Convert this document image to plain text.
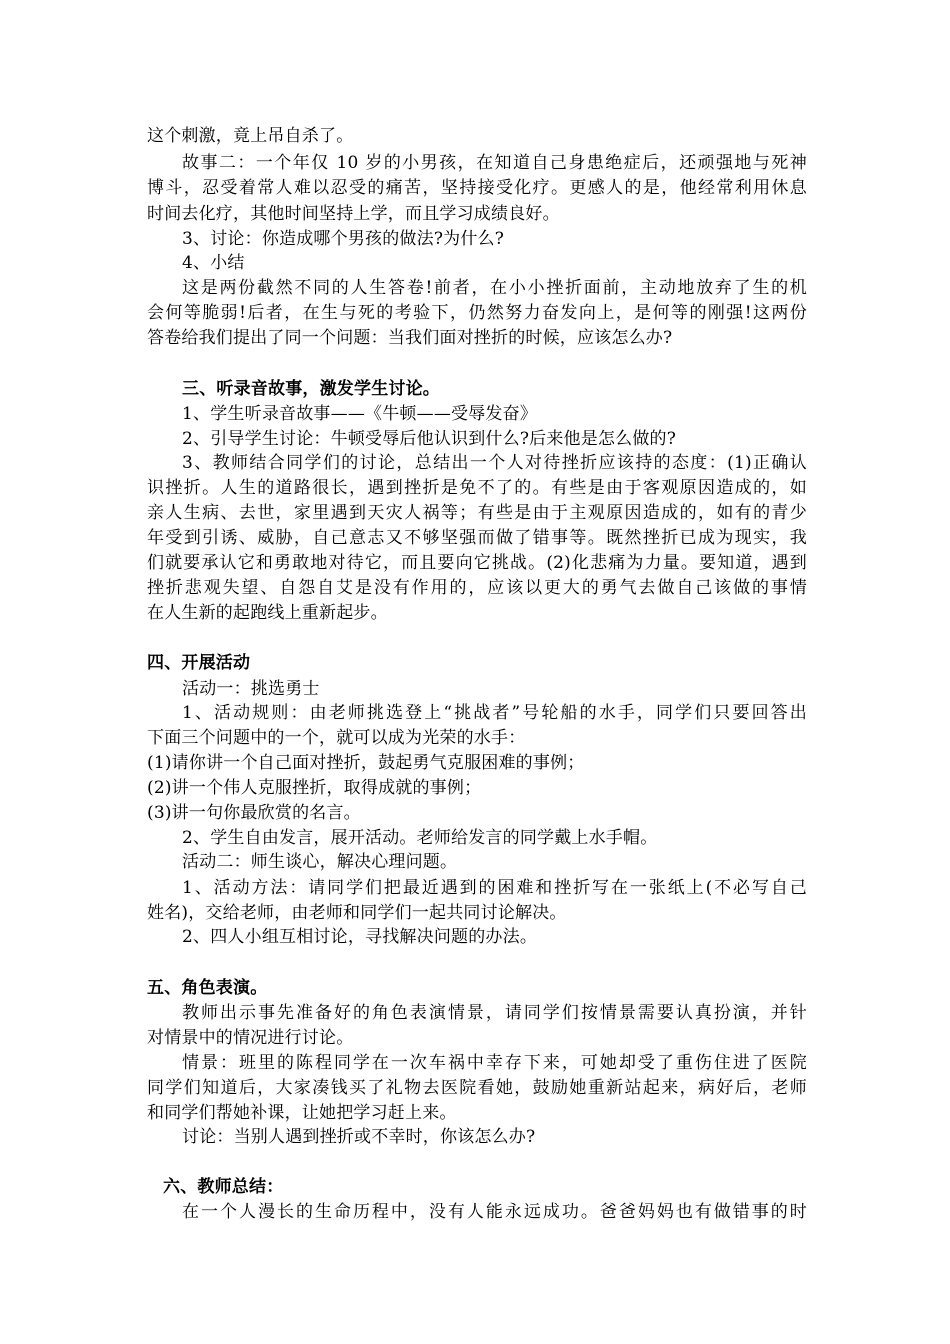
这个刺激，竟上吊自杀了。
故事二：一个年仅 10 岁的小男孩，在知道自己身患绝症后，还顽强地与死神
博斗，忍受着常人难以忍受的痛苦，坚持接受化疗。更感人的是，他经常利用休息
时间去化疗，其他时间坚持上学，而且学习成绩良好。
3、讨论：你造成哪个男孩的做法?为什么?
4、小结
这是两份截然不同的人生答卷!前者，在小小挫折面前，主动地放弃了生的机
会何等脆弱!后者，在生与死的考验下，仍然努力奋发向上，是何等的刚强!这两份
答卷给我们提出了同一个问题：当我们面对挫折的时候，应该怎么办?
三、听录音故事，激发学生讨论。
1、学生听录音故事——《牛顿——受辱发奋》
2、引导学生讨论：牛顿受辱后他认识到什么?后来他是怎么做的?
3、教师结合同学们的讨论，总结出一个人对待挫折应该持的态度：(1)正确认
识挫折。人生的道路很长，遇到挫折是免不了的。有些是由于客观原因造成的，如
亲人生病、去世，家里遇到天灾人祸等；有些是由于主观原因造成的，如有的青少
年受到引诱、威胁，自己意志又不够坚强而做了错事等。既然挫折已成为现实，我
们就要承认它和勇敢地对待它，而且要向它挑战。(2)化悲痛为力量。要知道，遇到
挫折悲观失望、自怨自艾是没有作用的，应该以更大的勇气去做自己该做的事情
在人生新的起跑线上重新起步。
四、开展活动
活动一：挑选勇士
1、活动规则：由老师挑选登上“挑战者”号轮船的水手，同学们只要回答出
下面三个问题中的一个，就可以成为光荣的水手：
(1)请你讲一个自己面对挫折，鼓起勇气克服困难的事例；
(2)讲一个伟人克服挫折，取得成就的事例；
(3)讲一句你最欣赏的名言。
2、学生自由发言，展开活动。老师给发言的同学戴上水手帽。
活动二：师生谈心，解决心理问题。
1、活动方法：请同学们把最近遇到的困难和挫折写在一张纸上(不必写自己
姓名)，交给老师，由老师和同学们一起共同讨论解决。
2、四人小组互相讨论，寻找解决问题的办法。
五、角色表演。
教师出示事先准备好的角色表演情景，请同学们按情景需要认真扮演，并针
对情景中的情况进行讨论。
情景：班里的陈程同学在一次车祸中幸存下来，可她却受了重伤住进了医院
同学们知道后，大家凑钱买了礼物去医院看她，鼓励她重新站起来，病好后，老师
和同学们帮她补课，让她把学习赶上来。
讨论：当别人遇到挫折或不幸时，你该怎么办?
六、教师总结：
在一个人漫长的生命历程中，没有人能永远成功。爸爸妈妈也有做错事的时
